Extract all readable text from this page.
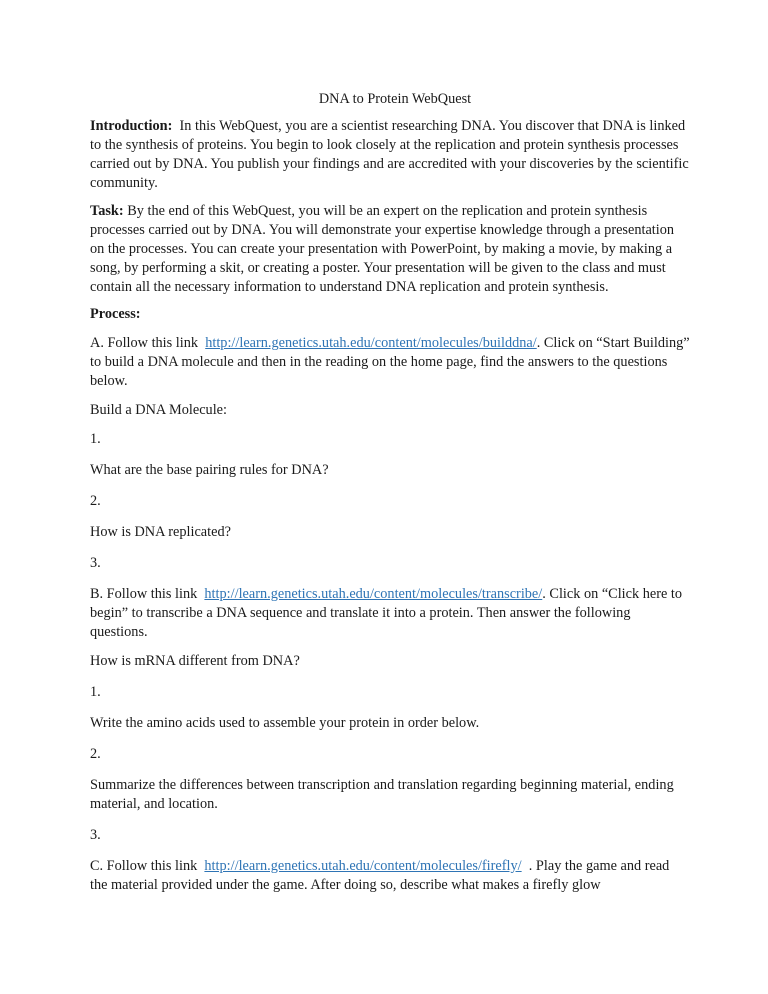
DNA to Protein WebQuest

Introduction: In this WebQuest, you are a scientist researching DNA. You discover that DNA is linked to the synthesis of proteins. You begin to look closely at the replication and protein synthesis processes carried out by DNA. You publish your findings and are accredited with your discoveries by the scientific community.

Task: By the end of this WebQuest, you will be an expert on the replication and protein synthesis processes carried out by DNA. You will demonstrate your expertise knowledge through a presentation on the processes. You can create your presentation with PowerPoint, by making a movie, by making a song, by performing a skit, or creating a poster. Your presentation will be given to the class and must contain all the necessary information to understand DNA replication and protein synthesis.

Process:

A. Follow this link http://learn.genetics.utah.edu/content/molecules/builddna/. Click on “Start Building” to build a DNA molecule and then in the reading on the home page, find the answers to the questions below.

Build a DNA Molecule:

1.

What are the base pairing rules for DNA?

2.

How is DNA replicated?

3.

B. Follow this link http://learn.genetics.utah.edu/content/molecules/transcribe/. Click on “Click here to begin” to transcribe a DNA sequence and translate it into a protein. Then answer the following questions.

How is mRNA different from DNA?

1.

Write the amino acids used to assemble your protein in order below.

2.

Summarize the differences between transcription and translation regarding beginning material, ending material, and location.

3.

C. Follow this link http://learn.genetics.utah.edu/content/molecules/firefly/ . Play the game and read the material provided under the game. After doing so, describe what makes a firefly glow
